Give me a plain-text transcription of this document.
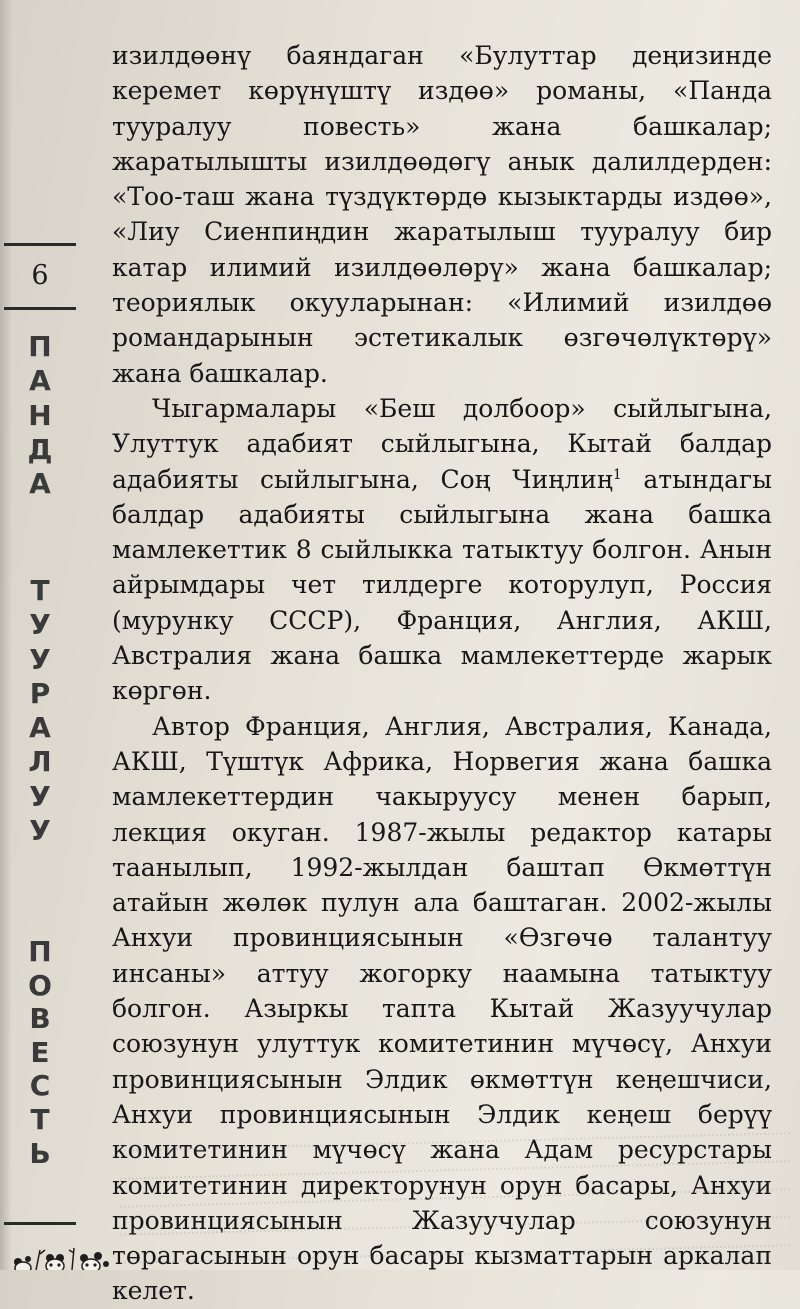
6
П
А
Н
Д
А
Т
У
У
Р
А
Л
У
У
П
О
В
Е
С
Т
Ь

изилдөөнү баяндаган «Булуттар деңизинде керемет көрүнүштү издөө» романы, «Панда тууралуу повесть» жана башкалар; жаратылышты изилдөөдөгү анык далилдерден: «Тоо-таш жана түздүктөрдө кызыктарды издөө», «Лиу Сиенпиңдин жаратылыш тууралуу бир катар илимий изилдөөлөрү» жана башкалар; теориялык окууларынан: «Илимий изилдөө романдарынын эстетикалык өзгөчөлүктөрү» жана башкалар.

Чыгармалары «Беш долбоор» сыйлыгына, Улуттук адабият сыйлыгына, Кытай балдар адабияты сыйлыгына, Соң Чиңлиң$^1$ атындагы балдар адабияты сыйлыгына жана башка мамлекеттик 8 сыйлыкка татыктуу болгон. Анын айрымдары чет тилдерге которулуп, Россия (мурунку СССР), Франция, Англия, АКШ, Австралия жана башка мамлекеттерде жарык көргөн.

Автор Франция, Англия, Австралия, Канада, АКШ, Түштүк Африка, Норвегия жана башка мамлекеттердин чакыруусу менен барып, лекция окуган. 1987-жылы редактор катары таанылып, 1992-жылдан баштап Өкмөттүн атайын жөлөк пулун ала баштаган. 2002-жылы Анхуи провинциясынын «Өзгөчө талантуу инсаны» аттуу жогорку наамына татыктуу болгон. Азыркы тапта Кытай Жазуучулар союзунун улуттук комитетинин мүчөсү, Анхуи провинциясынын Элдик өкмөттүн кеңешчиси, Анхуи провинциясынын Элдик кеңеш берүү комитетинин мүчөсү жана Адам ресурстары комитетинин директорунун орун басары, Анхуи провинциясынын Жазуучулар союзунун төрагасынын орун басары кызматтарын аркалап келет.
